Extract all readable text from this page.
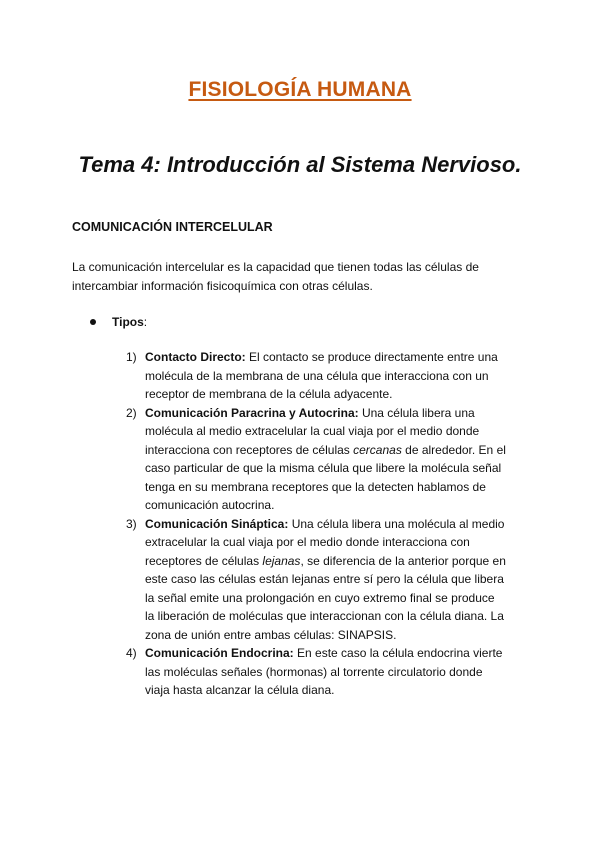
FISIOLOGÍA HUMANA
Tema 4: Introducción al Sistema Nervioso.
COMUNICACIÓN INTERCELULAR
La comunicación intercelular es la capacidad que tienen todas las células de
intercambiar información fisicoquímica con otras células.
Tipos:
1) Contacto Directo: El contacto se produce directamente entre una molécula de la membrana de una célula que interacciona con un receptor de membrana de la célula adyacente.
2) Comunicación Paracrina y Autocrina: Una célula libera una molécula al medio extracelular la cual viaja por el medio donde interacciona con receptores de células cercanas de alrededor. En el caso particular de que la misma célula que libere la molécula señal tenga en su membrana receptores que la detecten hablamos de comunicación autocrina.
3) Comunicación Sináptica: Una célula libera una molécula al medio extracelular la cual viaja por el medio donde interacciona con receptores de células lejanas, se diferencia de la anterior porque en este caso las células están lejanas entre sí pero la célula que libera la señal emite una prolongación en cuyo extremo final se produce la liberación de moléculas que interaccionan con la célula diana. La zona de unión entre ambas células: SINAPSIS.
4) Comunicación Endocrina: En este caso la célula endocrina vierte las moléculas señales (hormonas) al torrente circulatorio donde viaja hasta alcanzar la célula diana.
